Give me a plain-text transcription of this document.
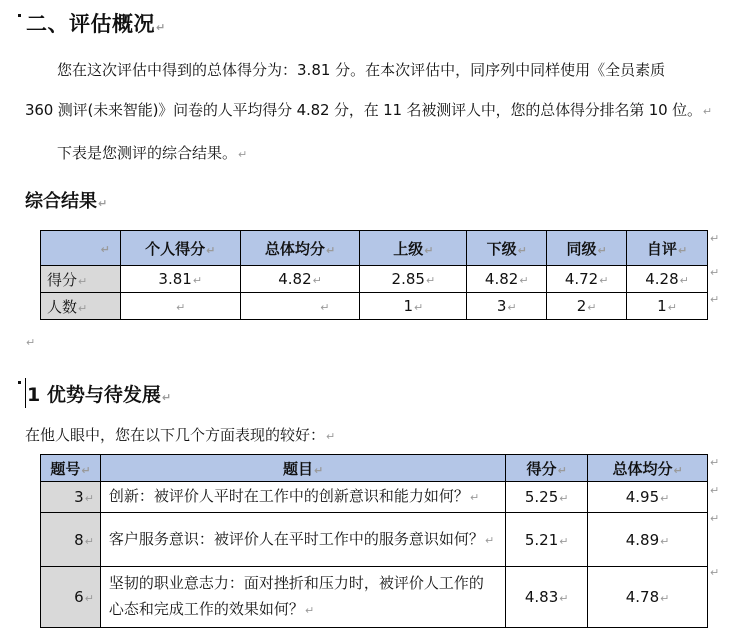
二、评估概况↵
您在这次评估中得到的总体得分为：3.81 分。在本次评估中，同序列中同样使用《全员素质
360 测评(未来智能)》问卷的人平均得分 4.82 分，在 11 名被测评人中，您的总体得分排名第 10 位。↵
下表是您测评的综合结果。↵
综合结果↵
↵	个人得分↵	总体均分↵	上级↵	下级↵	同级↵	自评↵
得分↵	3.81↵	4.82↵	2.85↵	4.82↵	4.72↵	4.28↵
人数↵	↵	↵	1↵	3↵	2↵	1↵
↵
↵
↵
↵
1 优势与待发展↵
在他人眼中，您在以下几个方面表现的较好：↵
题号↵	题目↵	得分↵	总体均分↵
3↵	创新：被评价人平时在工作中的创新意识和能力如何？↵	5.25↵	4.95↵
8↵	客户服务意识：被评价人在平时工作中的服务意识如何？↵	5.21↵	4.89↵
6↵	坚韧的职业意志力：面对挫折和压力时，被评价人工作的心态和完成工作的效果如何？↵	4.83↵	4.78↵
↵
↵
↵
↵
